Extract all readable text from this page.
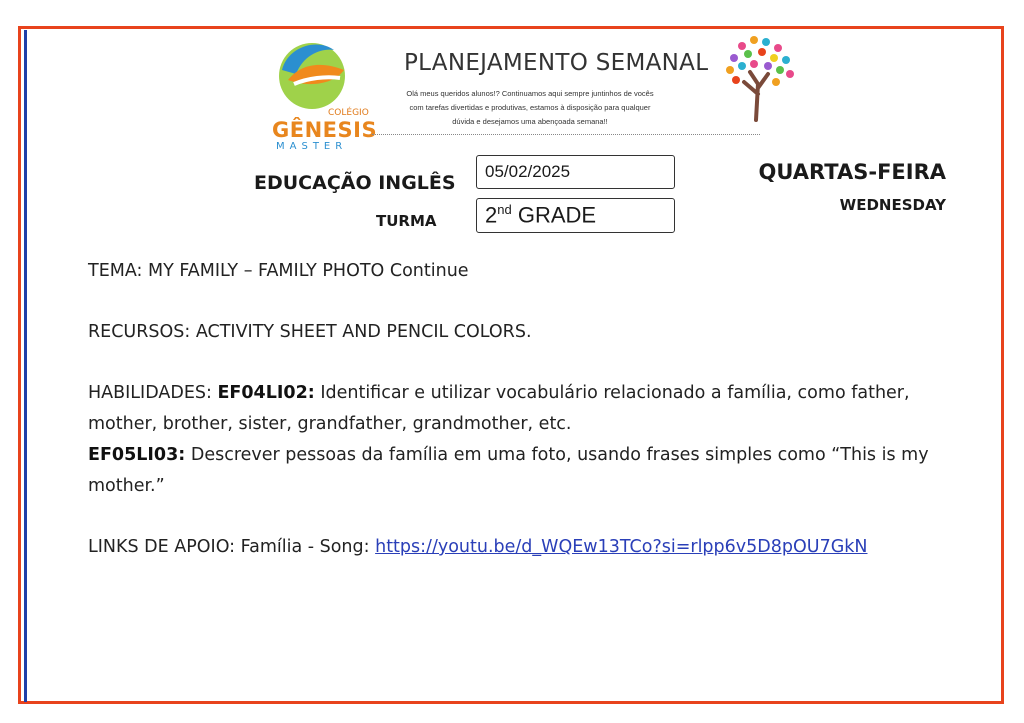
COLÉGIO
GÊNESIS
MASTER
PLANEJAMENTO SEMANAL
Olá meus queridos alunos!? Continuamos aqui sempre juntinhos de vocês
com tarefas divertidas e produtivas, estamos à disposição para qualquer
dúvida e desejamos uma abençoada semana!!
EDUCAÇÃO INGLÊS
05/02/2025
TURMA	2nd GRADE
QUARTAS-FEIRA
WEDNESDAY
TEMA: MY FAMILY – FAMILY PHOTO Continue
RECURSOS: ACTIVITY SHEET AND PENCIL COLORS.
HABILIDADES: EF04LI02: Identificar e utilizar vocabulário relacionado a família, como father, mother, brother, sister, grandfather, grandmother, etc.
EF05LI03: Descrever pessoas da família em uma foto, usando frases simples como “This is my mother.”
LINKS DE APOIO: Família - Song: https://youtu.be/d_WQEw13TCo?si=rlpp6v5D8pOU7GkN
